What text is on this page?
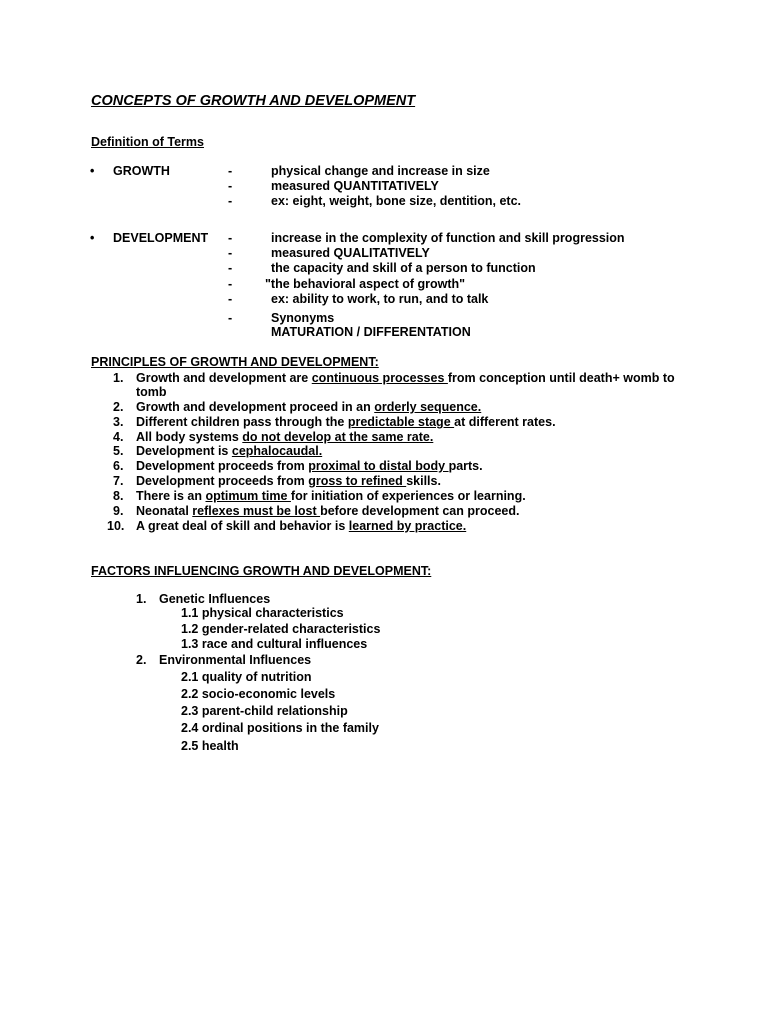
CONCEPTS OF GROWTH AND DEVELOPMENT
Definition of Terms
• GROWTH	-	physical change and increase in size
-	measured QUANTITATIVELY
-	ex: eight, weight, bone size, dentition, etc.
• DEVELOPMENT -	increase in the complexity of function and skill progression
-	measured QUALITATIVELY
-	the capacity and skill of a person to function
-	"the behavioral aspect of growth"
-	ex: ability to work, to run, and to talk
-	Synonyms
MATURATION / DIFFERENTATION
PRINCIPLES OF GROWTH AND DEVELOPMENT:
1. Growth and development are continuous processes from conception until death+ womb to
tomb
2. Growth and development proceed in an orderly sequence.
3. Different children pass through the predictable stage at different rates.
4. All body systems do not develop at the same rate.
5. Development is cephalocaudal.
6. Development proceeds from proximal to distal body parts.
7. Development proceeds from gross to refined skills.
8. There is an optimum time for initiation of experiences or learning.
9. Neonatal reflexes must be lost before development can proceed.
10. A great deal of skill and behavior is learned by practice.
FACTORS INFLUENCING GROWTH AND DEVELOPMENT:
1. Genetic Influences
1.1 physical characteristics
1.2 gender-related characteristics
1.3 race and cultural influences
2. Environmental Influences
2.1 quality of nutrition
2.2 socio-economic levels
2.3 parent-child relationship
2.4 ordinal positions in the family
2.5 health
